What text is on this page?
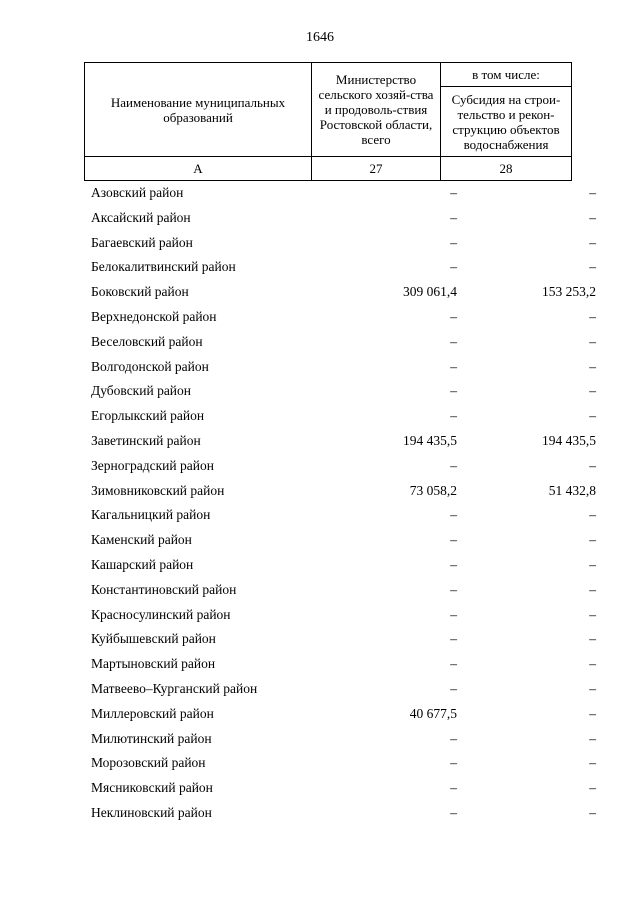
1646
Наименование муниципальных образований	Министерство сельского хозяй-ства и продоволь-ствия Ростовской области, всего	в том числе:
		Субсидия на строи-тельство и рекон-струкцию объектов водоснабжения
А	27	28
Азовский район	–	–
Аксайский район	–	–
Багаевский район	–	–
Белокалитвинский район	–	–
Боковский район	309 061,4	153 253,2
Верхнедонской район	–	–
Веселовский район	–	–
Волгодонской район	–	–
Дубовский район	–	–
Егорлыкский район	–	–
Заветинский район	194 435,5	194 435,5
Зерноградский район	–	–
Зимовниковский район	73 058,2	51 432,8
Кагальницкий район	–	–
Каменский район	–	–
Кашарский район	–	–
Константиновский район	–	–
Красносулинский район	–	–
Куйбышевский район	–	–
Мартыновский район	–	–
Матвеево–Курганский район	–	–
Миллеровский район	40 677,5	–
Милютинский район	–	–
Морозовский район	–	–
Мясниковский район	–	–
Неклиновский район	–	–
